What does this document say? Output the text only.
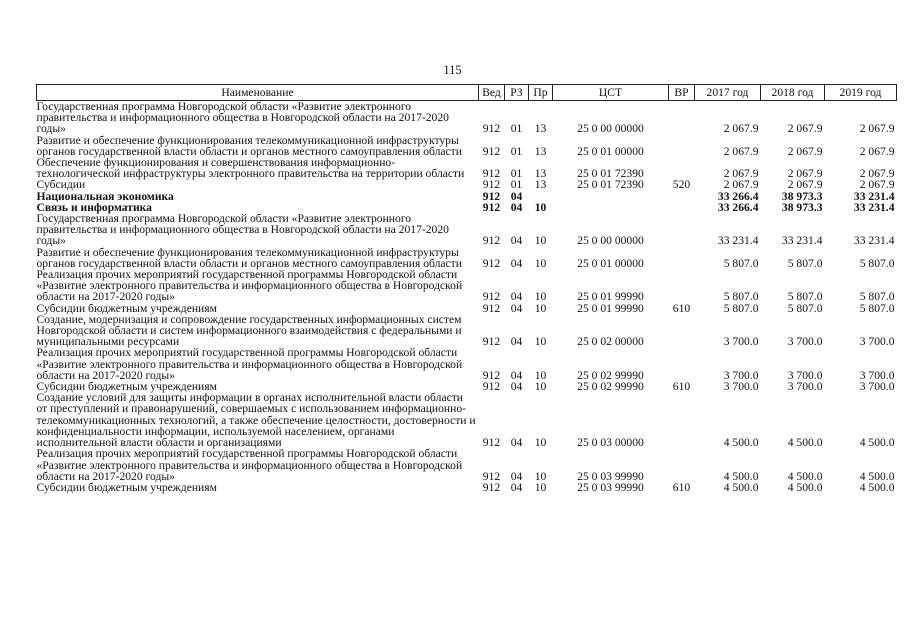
115
Наименование	Вед	РЗ	Пр	ЦСТ	ВР	2017 год	2018 год	2019 год
Государственная программа Новгородской области «Развитие электронного правительства и информационного общества в Новгородской области на 2017-2020 годы»	912	01	13	25 0 00 00000		2 067.9	2 067.9	2 067.9
Развитие и обеспечение функционирования телекоммуникационной инфраструктуры органов государственной власти области и органов местного самоуправления области	912	01	13	25 0 01 00000		2 067.9	2 067.9	2 067.9
Обеспечение функционирования и совершенствования информационно- технологической инфраструктуры электронного правительства на территории области	912	01	13	25 0 01 72390		2 067.9	2 067.9	2 067.9
Субсидии	912	01	13	25 0 01 72390	520	2 067.9	2 067.9	2 067.9
Национальная экономика	912	04				33 266.4	38 973.3	33 231.4
Связь и информатика	912	04	10			33 266.4	38 973.3	33 231.4
Государственная программа Новгородской области «Развитие электронного правительства и информационного общества в Новгородской области на 2017-2020 годы»	912	04	10	25 0 00 00000		33 231.4	33 231.4	33 231.4
Развитие и обеспечение функционирования телекоммуникационной инфраструктуры органов государственной власти области и органов местного самоуправления области	912	04	10	25 0 01 00000		5 807.0	5 807.0	5 807.0
Реализация прочих мероприятий государственной программы Новгородской области «Развитие электронного правительства и информационного общества в Новгородской области на 2017-2020 годы»	912	04	10	25 0 01 99990		5 807.0	5 807.0	5 807.0
Субсидии бюджетным учреждениям	912	04	10	25 0 01 99990	610	5 807.0	5 807.0	5 807.0
Создание, модернизация и сопровождение государственных информационных систем Новгородской области и систем информационного взаимодействия с федеральными и муниципальными ресурсами	912	04	10	25 0 02 00000		3 700.0	3 700.0	3 700.0
Реализация прочих мероприятий государственной программы Новгородской области «Развитие электронного правительства и информационного общества в Новгородской области на 2017-2020 годы»	912	04	10	25 0 02 99990		3 700.0	3 700.0	3 700.0
Субсидии бюджетным учреждениям	912	04	10	25 0 02 99990	610	3 700.0	3 700.0	3 700.0
Создание условий для защиты информации в органах исполнительной власти области от преступлений и правонарушений, совершаемых с использованием информационно-телекоммуникационных технологий, а также обеспечение целостности, достоверности и конфиденциальности информации, используемой населением, органами исполнительной власти области и организациями	912	04	10	25 0 03 00000		4 500.0	4 500.0	4 500.0
Реализация прочих мероприятий государственной программы Новгородской области «Развитие электронного правительства и информационного общества в Новгородской области на 2017-2020 годы»	912	04	10	25 0 03 99990		4 500.0	4 500.0	4 500.0
Субсидии бюджетным учреждениям	912	04	10	25 0 03 99990	610	4 500.0	4 500.0	4 500.0
